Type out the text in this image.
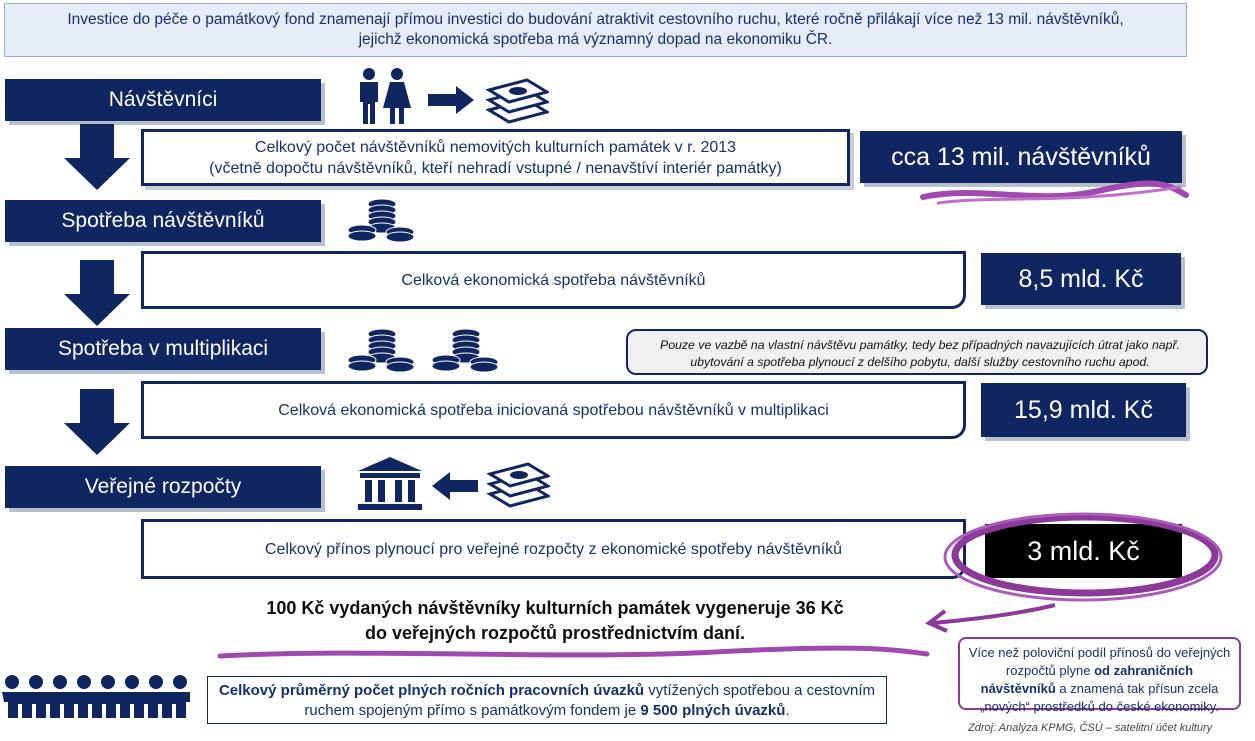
Investice do péče o památkový fond znamenají přímou investici do budování atraktivit cestovního ruchu, které ročně přilákají více než 13 mil. návštěvníků, jejichž ekonomická spotřeba má významný dopad na ekonomiku ČR.
Návštěvníci
Celkový počet návštěvníků nemovitých kulturních památek v r. 2013
(včetně dopočtu návštěvníků, kteří nehradí vstupné / nenavštíví interiér památky)	cca 13 mil. návštěvníků
Spotřeba návštěvníků
Celková ekonomická spotřeba návštěvníků	8,5 mld. Kč
Spotřeba v multiplikaci	Pouze ve vazbě na vlastní návštěvu památky, tedy bez případných navazujících útrat jako např. ubytování a spotřeba plynoucí z delšího pobytu, další služby cestovního ruchu apod.
Celková ekonomická spotřeba iniciovaná spotřebou návštěvníků v multiplikaci	15,9 mld. Kč
Veřejné rozpočty
Celkový přínos plynoucí pro veřejné rozpočty z ekonomické spotřeby návštěvníků	3 mld. Kč
100 Kč vydaných návštěvníky kulturních památek vygeneruje 36 Kč
do veřejných rozpočtů prostřednictvím daní.
Více než poloviční podíl přínosů do veřejných rozpočtů plyne od zahraničních návštěvníků a znamená tak přísun zcela „nových“ prostředků do české ekonomiky.
Celkový průměrný počet plných ročních pracovních úvazků vytížených spotřebou a cestovním ruchem spojeným přímo s památkovým fondem je 9 500 plných úvazků.
Zdroj: Analýza KPMG, ČSÚ – satelitní účet kultury
